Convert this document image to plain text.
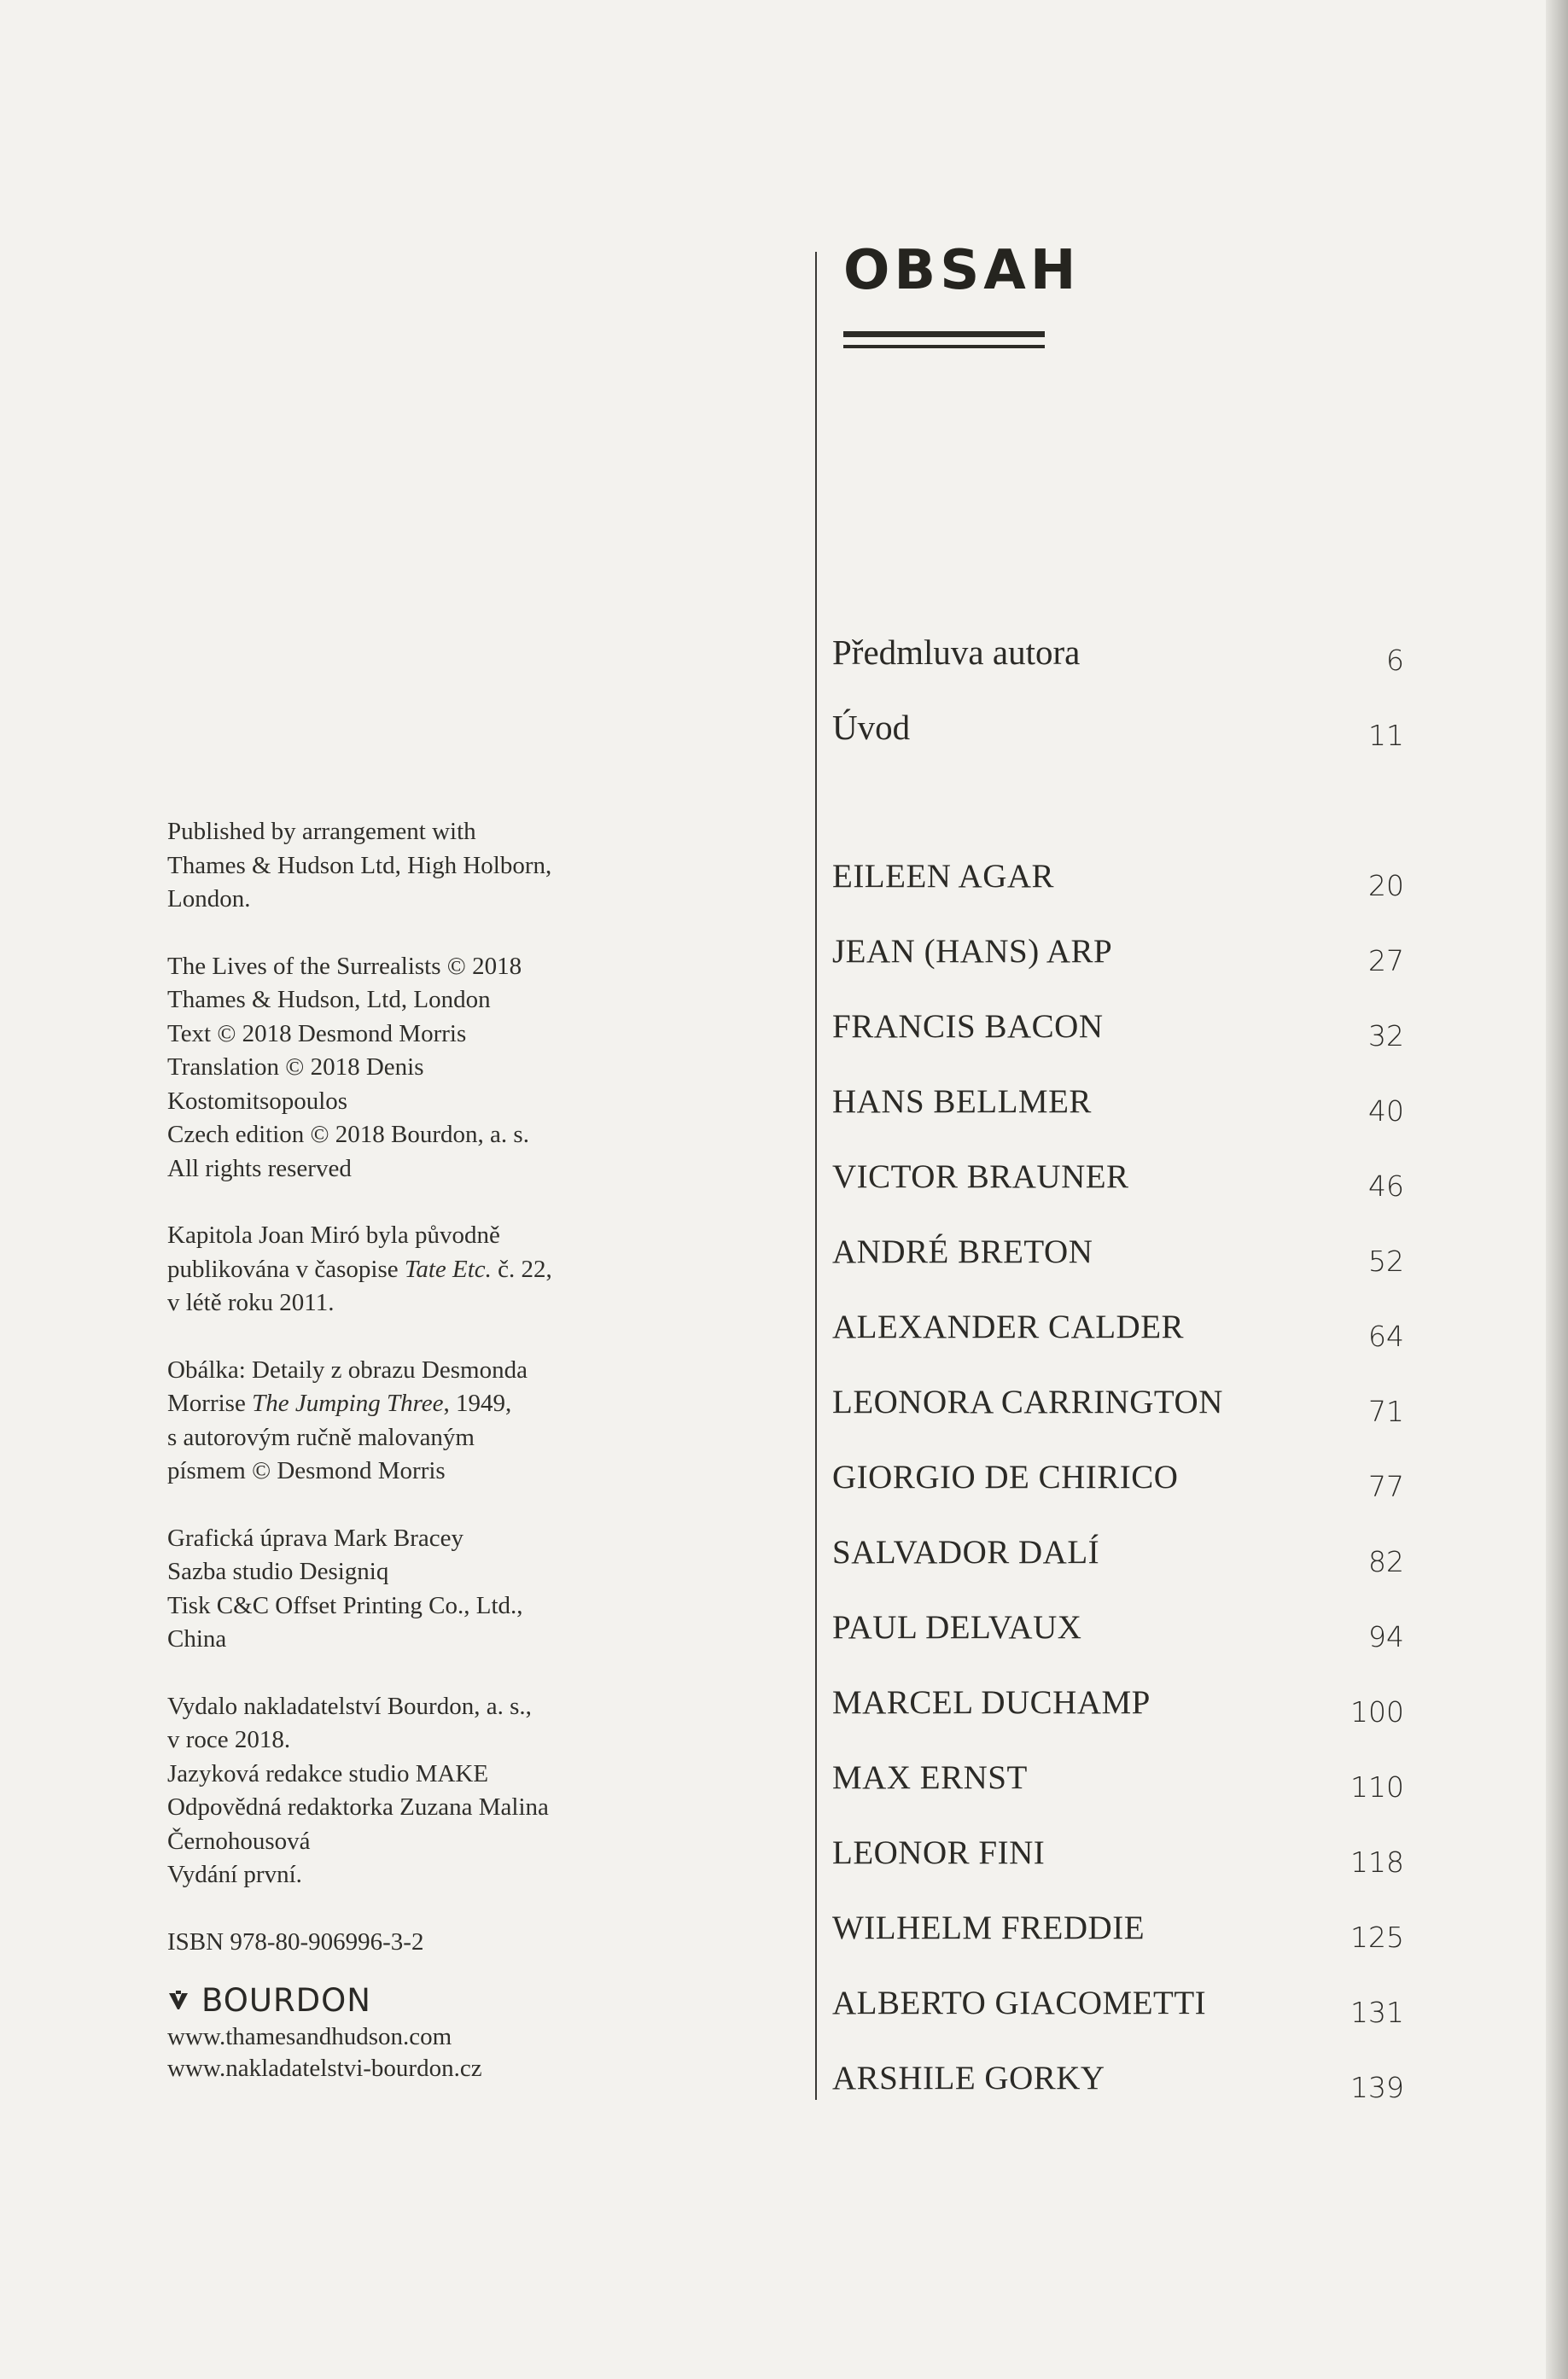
Published by arrangement with
Thames & Hudson Ltd, High Holborn,
London.

The Lives of the Surrealists © 2018
Thames & Hudson, Ltd, London
Text © 2018 Desmond Morris
Translation © 2018 Denis
Kostomitsopoulos
Czech edition © 2018 Bourdon, a. s.
All rights reserved

Kapitola Joan Miró byla původně
publikována v časopise Tate Etc. č. 22,
v létě roku 2011.

Obálka: Detaily z obrazu Desmonda
Morrise The Jumping Three, 1949,
s autorovým ručně malovaným
písmem © Desmond Morris

Grafická úprava Mark Bracey
Sazba studio Designiq
Tisk C&C Offset Printing Co., Ltd.,
China

Vydalo nakladatelství Bourdon, a. s.,
v roce 2018.
Jazyková redakce studio MAKE
Odpovědná redaktorka Zuzana Malina
Černohousová
Vydání první.

ISBN 978-80-906996-3-2

BOURDON
www.thamesandhudson.com
www.nakladatelstvi-bourdon.cz
OBSAH
Předmluva autora	6
Úvod	11
EILEEN AGAR	20
JEAN (HANS) ARP	27
FRANCIS BACON	32
HANS BELLMER	40
VICTOR BRAUNER	46
ANDRÉ BRETON	52
ALEXANDER CALDER	64
LEONORA CARRINGTON	71
GIORGIO DE CHIRICO	77
SALVADOR DALÍ	82
PAUL DELVAUX	94
MARCEL DUCHAMP	100
MAX ERNST	110
LEONOR FINI	118
WILHELM FREDDIE	125
ALBERTO GIACOMETTI	131
ARSHILE GORKY	139
